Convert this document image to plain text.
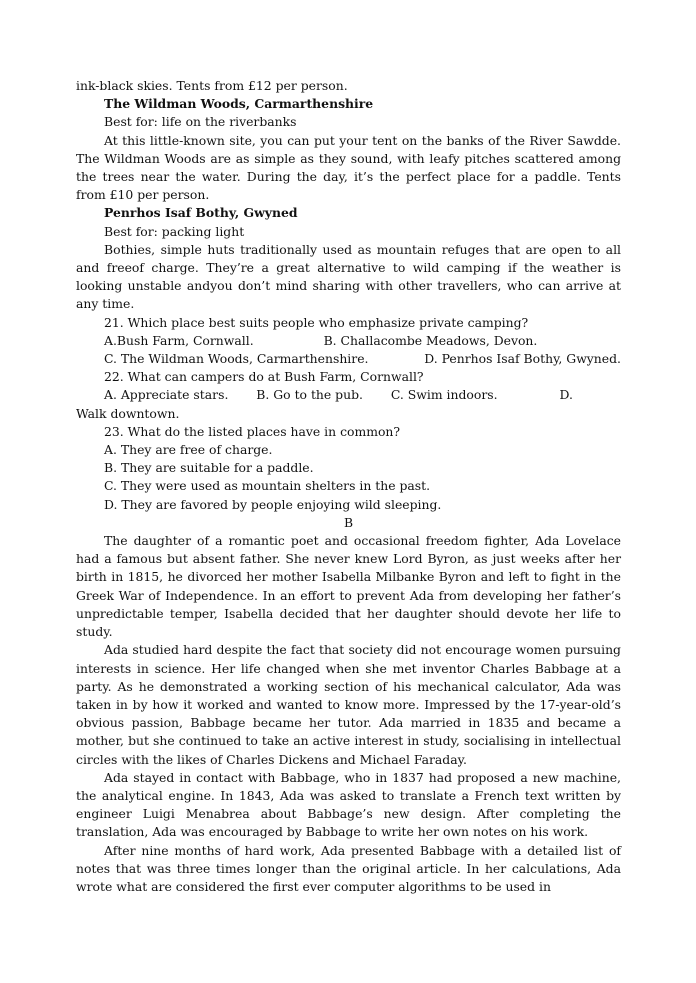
ink-black skies. Tents from £12 per person.

The Wildman Woods, Carmarthenshire

Best for: life on the riverbanks

At this little-known site, you can put your tent on the banks of the River Sawdde. The Wildman Woods are as simple as they sound, with leafy pitches scattered among the trees near the water. During the day, it’s the perfect place for a paddle. Tents from £10 per person.

Penrhos Isaf Bothy, Gwyned

Best for: packing light

Bothies, simple huts traditionally used as mountain refuges that are open to all and freeof charge. They’re a great alternative to wild camping if the weather is looking unstable andyou don’t mind sharing with other travellers, who can arrive at any time.

21. Which place best suits people who emphasize private camping?

A.Bush Farm, Cornwall.	B. Challacombe Meadows, Devon.
C. The Wildman Woods, Carmarthenshire.	D. Penrhos Isaf Bothy, Gwyned.

22. What can campers do at Bush Farm, Cornwall?

A. Appreciate stars. B. Go to the pub. C. Swim indoors.	D.

Walk downtown.

23. What do the listed places have in common?

A. They are free of charge.

B. They are suitable for a paddle.

C. They were used as mountain shelters in the past.

D. They are favored by people enjoying wild sleeping.

B

The daughter of a romantic poet and occasional freedom fighter, Ada Lovelace had a famous but absent father. She never knew Lord Byron, as just weeks after her birth in 1815, he divorced her mother Isabella Milbanke Byron and left to fight in the Greek War of Independence. In an effort to prevent Ada from developing her father’s unpredictable temper, Isabella decided that her daughter should devote her life to study.

Ada studied hard despite the fact that society did not encourage women pursuing interests in science. Her life changed when she met inventor Charles Babbage at a party. As he demonstrated a working section of his mechanical calculator, Ada was taken in by how it worked and wanted to know more. Impressed by the 17-year-old’s obvious passion, Babbage became her tutor. Ada married in 1835 and became a mother, but she continued to take an active interest in study, socialising in intellectual circles with the likes of Charles Dickens and Michael Faraday.

Ada stayed in contact with Babbage, who in 1837 had proposed a new machine, the analytical engine. In 1843, Ada was asked to translate a French text written by engineer Luigi Menabrea about Babbage’s new design. After completing the translation, Ada was encouraged by Babbage to write her own notes on his work.

After nine months of hard work, Ada presented Babbage with a detailed list of notes that was three times longer than the original article. In her calculations, Ada wrote what are considered the first ever computer algorithms to be used in
